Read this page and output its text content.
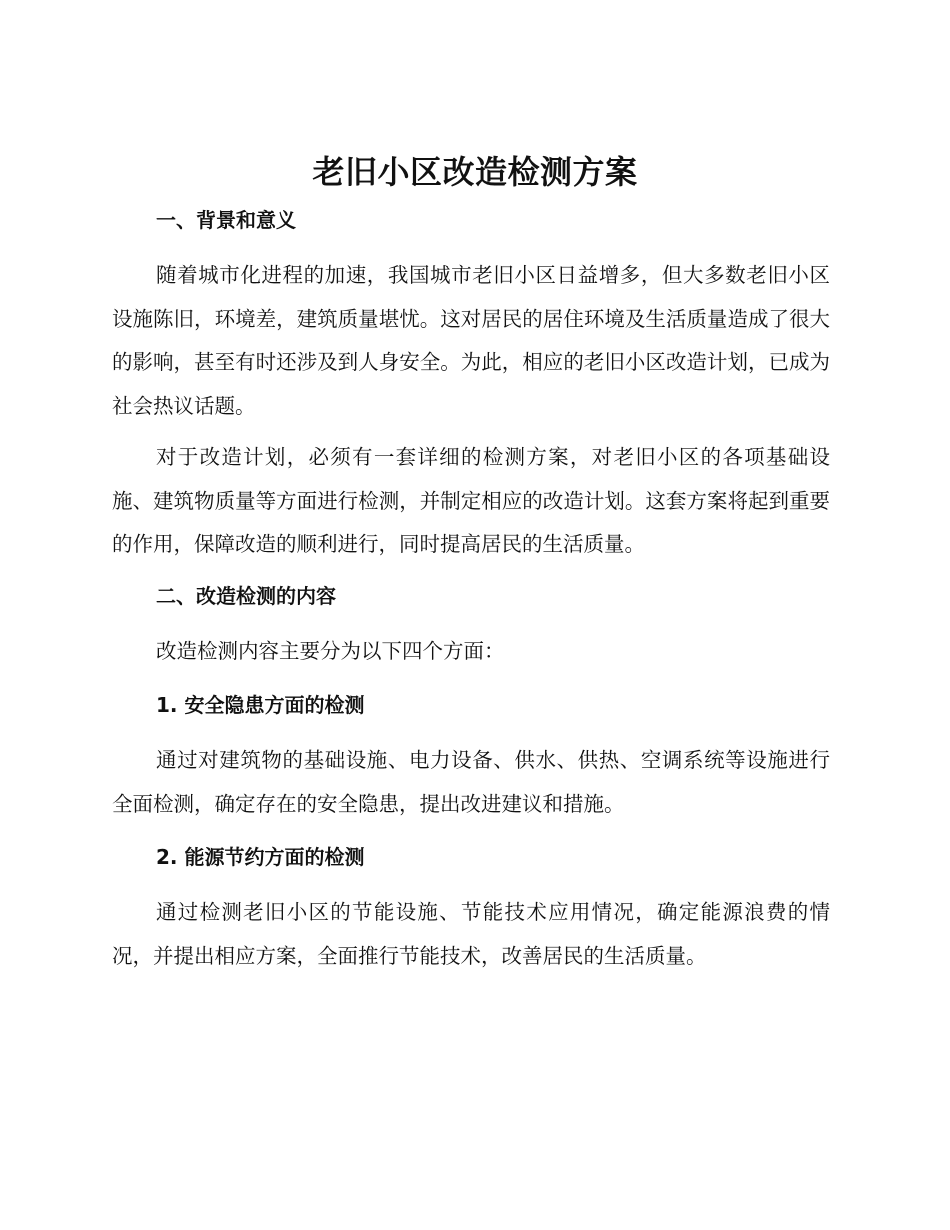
老旧小区改造检测方案
一、背景和意义

随着城市化进程的加速，我国城市老旧小区日益增多，但大多数老旧小区设施陈旧，环境差，建筑质量堪忧。这对居民的居住环境及生活质量造成了很大的影响，甚至有时还涉及到人身安全。为此，相应的老旧小区改造计划，已成为社会热议话题。

对于改造计划，必须有一套详细的检测方案，对老旧小区的各项基础设施、建筑物质量等方面进行检测，并制定相应的改造计划。这套方案将起到重要的作用，保障改造的顺利进行，同时提高居民的生活质量。

二、改造检测的内容

改造检测内容主要分为以下四个方面：

1. 安全隐患方面的检测

通过对建筑物的基础设施、电力设备、供水、供热、空调系统等设施进行全面检测，确定存在的安全隐患，提出改进建议和措施。

2. 能源节约方面的检测

通过检测老旧小区的节能设施、节能技术应用情况，确定能源浪费的情况，并提出相应方案，全面推行节能技术，改善居民的生活质量。
